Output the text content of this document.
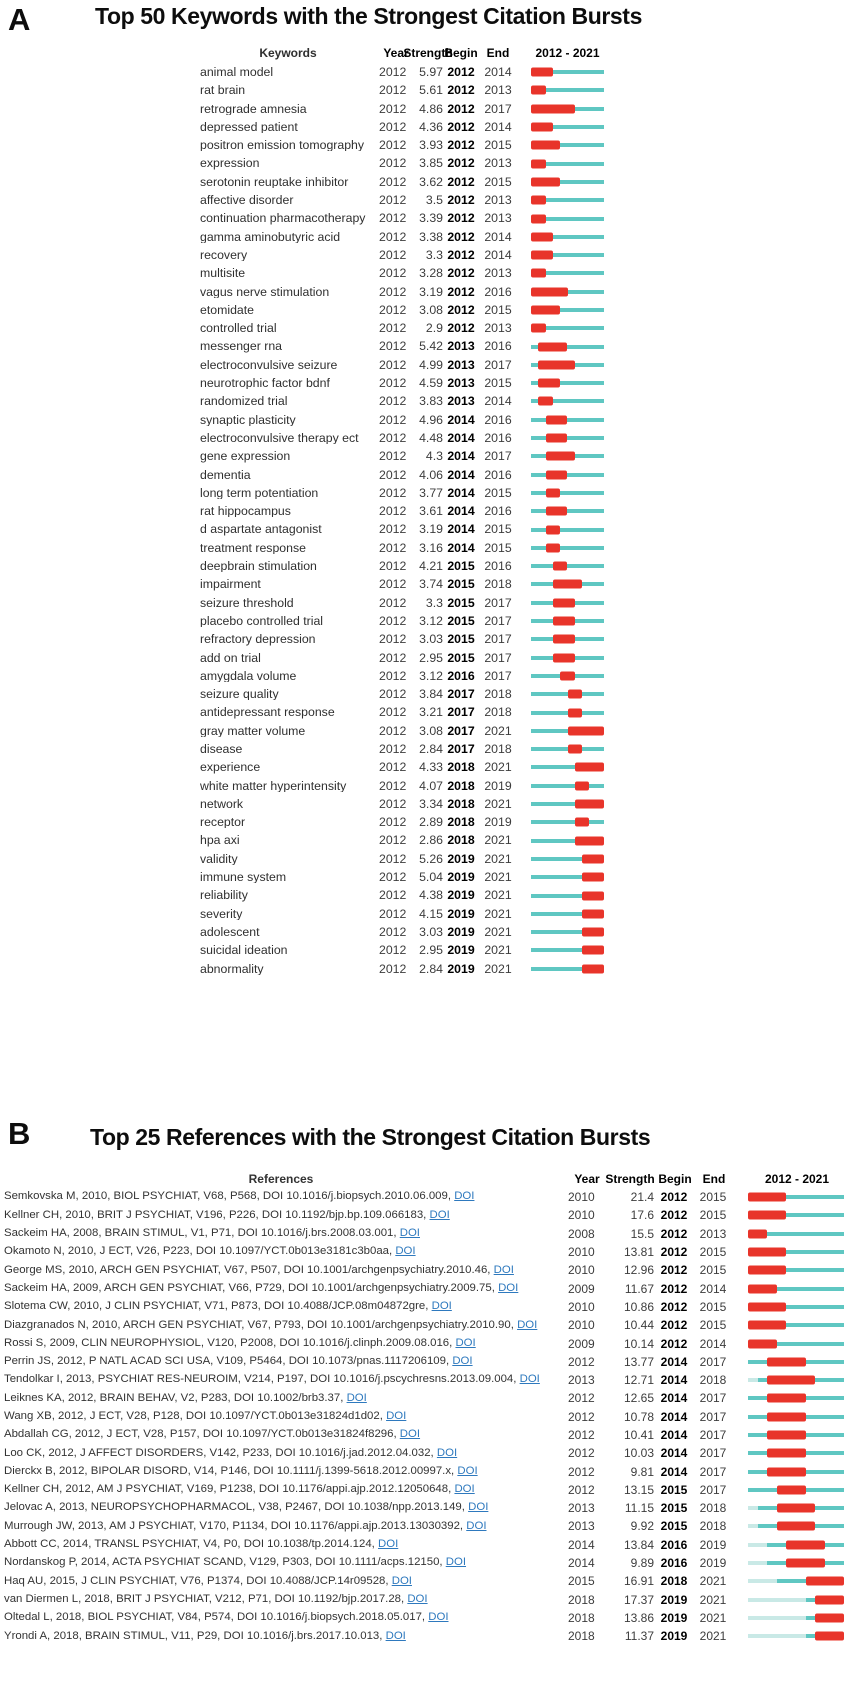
A	Top 50 Keywords with the Strongest Citation Bursts
Keywords	Year
Strength
Begin End	2012 - 2021
animal model	2012	5.97 2012 2014
rat brain	2012	5.61 2012 2013
retrograde amnesia	2012	4.86 2012 2017
depressed patient	2012	4.36 2012 2014
positron emission tomography	2012	3.93 2012 2015
expression	2012	3.85 2012 2013
serotonin reuptake inhibitor	2012	3.62 2012 2015
affective disorder	2012	3.5 2012 2013
continuation pharmacotherapy	2012	3.39 2012 2013
gamma aminobutyric acid	2012	3.38 2012 2014
recovery	2012	3.3 2012 2014
multisite	2012	3.28 2012 2013
vagus nerve stimulation	2012	3.19 2012 2016
etomidate	2012	3.08 2012 2015
controlled trial	2012	2.9 2012 2013
messenger rna	2012	5.42 2013 2016
electroconvulsive seizure	2012	4.99 2013 2017
neurotrophic factor bdnf	2012	4.59 2013 2015
randomized trial	2012	3.83 2013 2014
synaptic plasticity	2012	4.96 2014 2016
electroconvulsive therapy ect	2012	4.48 2014 2016
gene expression	2012	4.3 2014 2017
dementia	2012	4.06 2014 2016
long term potentiation	2012	3.77 2014 2015
rat hippocampus	2012	3.61 2014 2016
d aspartate antagonist	2012	3.19 2014 2015
treatment response	2012	3.16 2014 2015
deepbrain stimulation	2012	4.21 2015 2016
impairment	2012	3.74 2015 2018
seizure threshold	2012	3.3 2015 2017
placebo controlled trial	2012	3.12 2015 2017
refractory depression	2012	3.03 2015 2017
add on trial	2012	2.95 2015 2017
amygdala volume	2012	3.12 2016 2017
seizure quality	2012	3.84 2017 2018
antidepressant response	2012	3.21 2017 2018
gray matter volume	2012	3.08 2017 2021
disease	2012	2.84 2017 2018
experience	2012	4.33 2018 2021
white matter hyperintensity	2012	4.07 2018 2019
network	2012	3.34 2018 2021
receptor	2012	2.89 2018 2019
hpa axi	2012	2.86 2018 2021
validity	2012	5.26 2019 2021
immune system	2012	5.04 2019 2021
reliability	2012	4.38 2019 2021
severity	2012	4.15 2019 2021
adolescent	2012	3.03 2019 2021
suicidal ideation	2012	2.95 2019 2021
abnormality	2012	2.84 2019 2021
B	Top 25 References with the Strongest Citation Bursts
References	Year Strength Begin End	2012 - 2021
Semkovska M, 2010, BIOL PSYCHIAT, V68, P568, DOI 10.1016/j.biopsych.2010.06.009, DOI	2010	21.4 2012	2015
Kellner CH, 2010, BRIT J PSYCHIAT, V196, P226, DOI 10.1192/bjp.bp.109.066183, DOI	2010	17.6 2012	2015
Sackeim HA, 2008, BRAIN STIMUL, V1, P71, DOI 10.1016/j.brs.2008.03.001, DOI	2008	15.5 2012	2013
Okamoto N, 2010, J ECT, V26, P223, DOI 10.1097/YCT.0b013e3181c3b0aa, DOI	2010	13.81 2012	2015
George MS, 2010, ARCH GEN PSYCHIAT, V67, P507, DOI 10.1001/archgenpsychiatry.2010.46, DOI	2010	12.96 2012	2015
Sackeim HA, 2009, ARCH GEN PSYCHIAT, V66, P729, DOI 10.1001/archgenpsychiatry.2009.75, DOI	2009	11.67 2012	2014
Slotema CW, 2010, J CLIN PSYCHIAT, V71, P873, DOI 10.4088/JCP.08m04872gre, DOI	2010	10.86 2012	2015
Diazgranados N, 2010, ARCH GEN PSYCHIAT, V67, P793, DOI 10.1001/archgenpsychiatry.2010.90, DOI	2010	10.44 2012	2015
Rossi S, 2009, CLIN NEUROPHYSIOL, V120, P2008, DOI 10.1016/j.clinph.2009.08.016, DOI	2009	10.14 2012	2014
Perrin JS, 2012, P NATL ACAD SCI USA, V109, P5464, DOI 10.1073/pnas.1117206109, DOI	2012	13.77 2014	2017
Tendolkar I, 2013, PSYCHIAT RES-NEUROIM, V214, P197, DOI 10.1016/j.pscychresns.2013.09.004, DOI	2013	12.71 2014	2018
Leiknes KA, 2012, BRAIN BEHAV, V2, P283, DOI 10.1002/brb3.37, DOI	2012	12.65 2014	2017
Wang XB, 2012, J ECT, V28, P128, DOI 10.1097/YCT.0b013e31824d1d02, DOI	2012	10.78 2014	2017
Abdallah CG, 2012, J ECT, V28, P157, DOI 10.1097/YCT.0b013e31824f8296, DOI	2012	10.41 2014	2017
Loo CK, 2012, J AFFECT DISORDERS, V142, P233, DOI 10.1016/j.jad.2012.04.032, DOI	2012	10.03 2014	2017
Dierckx B, 2012, BIPOLAR DISORD, V14, P146, DOI 10.1111/j.1399-5618.2012.00997.x, DOI	2012	9.81 2014	2017
Kellner CH, 2012, AM J PSYCHIAT, V169, P1238, DOI 10.1176/appi.ajp.2012.12050648, DOI	2012	13.15 2015	2017
Jelovac A, 2013, NEUROPSYCHOPHARMACOL, V38, P2467, DOI 10.1038/npp.2013.149, DOI	2013	11.15 2015	2018
Murrough JW, 2013, AM J PSYCHIAT, V170, P1134, DOI 10.1176/appi.ajp.2013.13030392, DOI	2013	9.92 2015	2018
Abbott CC, 2014, TRANSL PSYCHIAT, V4, P0, DOI 10.1038/tp.2014.124, DOI	2014	13.84 2016	2019
Nordanskog P, 2014, ACTA PSYCHIAT SCAND, V129, P303, DOI 10.1111/acps.12150, DOI	2014	9.89 2016	2019
Haq AU, 2015, J CLIN PSYCHIAT, V76, P1374, DOI 10.4088/JCP.14r09528, DOI	2015	16.91 2018	2021
van Diermen L, 2018, BRIT J PSYCHIAT, V212, P71, DOI 10.1192/bjp.2017.28, DOI	2018	17.37 2019	2021
Oltedal L, 2018, BIOL PSYCHIAT, V84, P574, DOI 10.1016/j.biopsych.2018.05.017, DOI	2018	13.86 2019	2021
Yrondi A, 2018, BRAIN STIMUL, V11, P29, DOI 10.1016/j.brs.2017.10.013, DOI	2018	11.37 2019	2021
